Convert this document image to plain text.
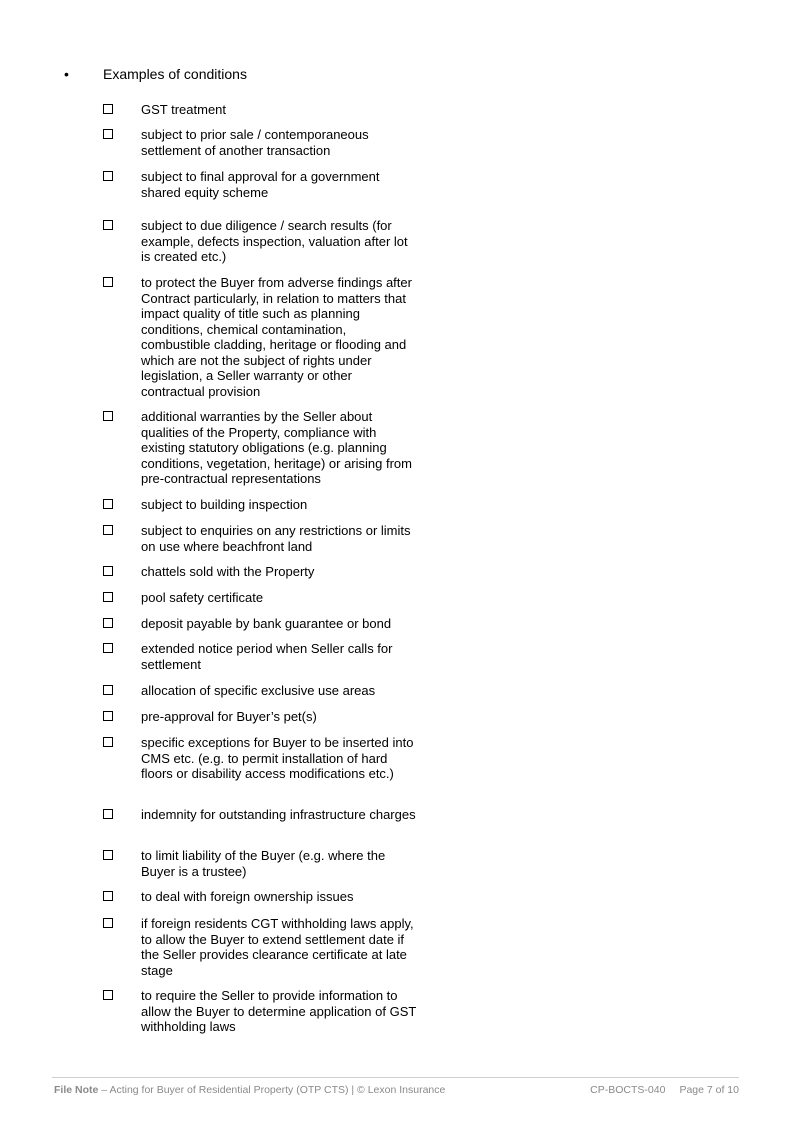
• Examples of conditions
GST treatment
subject to prior sale / contemporaneous settlement of another transaction
subject to final approval for a government shared equity scheme
subject to due diligence / search results (for example, defects inspection, valuation after lot is created etc.)
to protect the Buyer from adverse findings after Contract particularly, in relation to matters that impact quality of title such as planning conditions, chemical contamination, combustible cladding, heritage or flooding and which are not the subject of rights under legislation, a Seller warranty or other contractual provision
additional warranties by the Seller about qualities of the Property, compliance with existing statutory obligations (e.g. planning conditions, vegetation, heritage) or arising from pre-contractual representations
subject to building inspection
subject to enquiries on any restrictions or limits on use where beachfront land
chattels sold with the Property
pool safety certificate
deposit payable by bank guarantee or bond
extended notice period when Seller calls for settlement
allocation of specific exclusive use areas
pre-approval for Buyer’s pet(s)
specific exceptions for Buyer to be inserted into CMS etc. (e.g. to permit installation of hard floors or disability access modifications etc.)
indemnity for outstanding infrastructure charges
to limit liability of the Buyer (e.g. where the Buyer is a trustee)
to deal with foreign ownership issues
if foreign residents CGT withholding laws apply, to allow the Buyer to extend settlement date if the Seller provides clearance certificate at late stage
to require the Seller to provide information to allow the Buyer to determine application of GST withholding laws
File Note – Acting for Buyer of Residential Property (OTP CTS) | © Lexon Insurance	CP-BOCTS-040 Page 7 of 10
